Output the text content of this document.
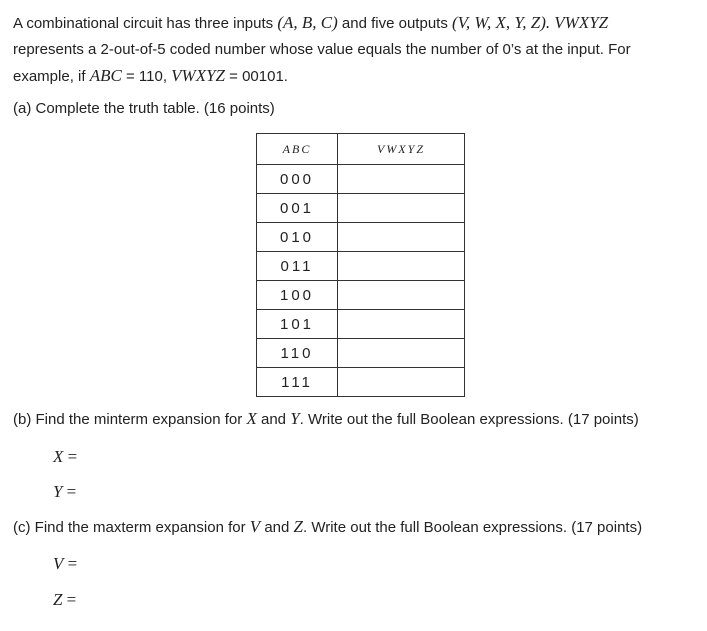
A combinational circuit has three inputs (A, B, C) and five outputs (V, W, X, Y, Z). VWXYZ
represents a 2-out-of-5 coded number whose value equals the number of 0’s at the input. For
example, if ABC = 110, VWXYZ = 00101.
(a) Complete the truth table. (16 points)
ABC	VWXYZ
000	
001	
010	
011	
100	
101	
110	
111	
(b) Find the minterm expansion for X and Y. Write out the full Boolean expressions. (17 points)
X =
Y =
(c) Find the maxterm expansion for V and Z. Write out the full Boolean expressions. (17 points)
V =
Z =
